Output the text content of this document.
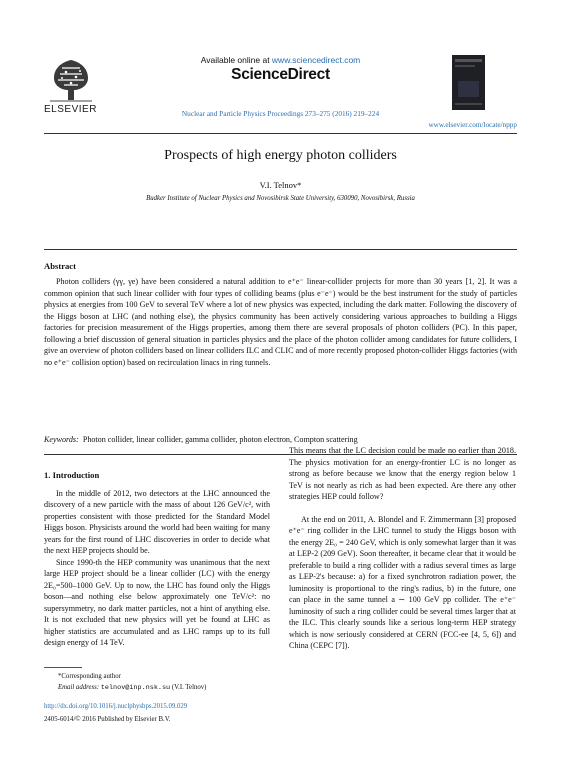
ELSEVIER
Available online at www.sciencedirect.com
ScienceDirect
Nuclear and Particle Physics Proceedings 273–275 (2016) 219–224
www.elsevier.com/locate/nppp
Prospects of high energy photon colliders
V.I. Telnov*
Budker Institute of Nuclear Physics and Novosibirsk State University, 630090, Novosibirsk, Russia
Abstract
Photon colliders (γγ, γe) have been considered a natural addition to e⁺e⁻ linear-collider projects for more than 30 years [1, 2]. It was a common opinion that such linear collider with four types of colliding beams (plus e⁻e⁻) would be the best instrument for the study of particles physics at energies from 100 GeV to several TeV where a lot of new physics was expected, including the dark matter. Following the discovery of the Higgs boson at LHC (and nothing else), the physics community has been actively considering various approaches to building a Higgs factories for precision measurement of the Higgs properties, among them there are several proposals of photon colliders (PC). In this paper, following a brief discussion of general situation in particles physics and the place of the photon collider among candidates for future colliders, I give an overview of photon colliders based on linear colliders ILC and CLIC and of more recently proposed photon-collider Higgs factories (with no e⁺e⁻ collision option) based on recirculation linacs in ring tunnels.
Keywords: Photon collider, linear collider, gamma collider, photon electron, Compton scattering

1. Introduction

In the middle of 2012, two detectors at the LHC announced the discovery of a new particle with the mass of about 126 GeV/c², with properties consistent with those predicted for the Standard Model Higgs boson. Physicists around the world had been waiting for many years for the first round of LHC discoveries in order to decide what the next HEP projects should be.

Since 1990-th the HEP community was unanimous that the next large HEP project should be a linear collider (LC) with the energy 2E₀=500–1000 GeV. Up to now, the LHC has found only the Higgs boson—and nothing else below approximately one TeV/c²: no supersymmetry, no dark matter particles, not a hint of anything else. It is not excluded that new physics will yet be found at LHC as higher statistics are accumulated and as LHC ramps up to its full design energy of 14 TeV.

This means that the LC decision could be made no earlier than 2018. The physics motivation for an energy-frontier LC is no longer as strong as before because we know that the energy region below 1 TeV is not nearly as rich as had been expected. Are there any other strategies HEP could follow?

At the end on 2011, A. Blondel and F. Zimmermann [3] proposed e⁺e⁻ ring collider in the LHC tunnel to study the Higgs boson with the energy 2E₀ = 240 GeV, which is only somewhat larger than it was at LEP-2 (209 GeV). Soon thereafter, it became clear that it would be preferable to build a ring collider with a radius several times as large as LEP-2's because: a) for a fixed synchrotron radiation power, the luminosity is proportional to the ring's radius, b) in the future, one can place in the same tunnel a ∼ 100 GeV pp collider. The e⁺e⁻ luminosity of such a ring collider could be several times larger that at the ILC. This clearly sounds like a serious long-term HEP strategy which is now seriously considered at CERN (FCC-ee [4, 5, 6]) and China (CEPC [7]).

*Corresponding author
Email address: telnov@inp.nsk.su (V.I. Telnov)
http://dx.doi.org/10.1016/j.nuclphysbps.2015.09.029
2405-6014/© 2016 Published by Elsevier B.V.
